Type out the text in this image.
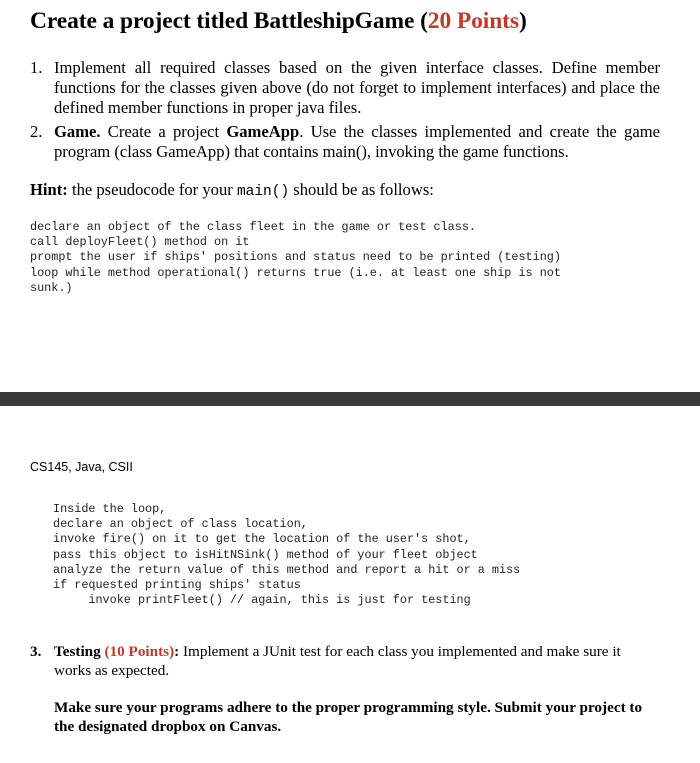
Create a project titled BattleshipGame (20 Points)
1. Implement all required classes based on the given interface classes. Define member functions for the classes given above (do not forget to implement interfaces) and place the defined member functions in proper java files.
2. Game. Create a project GameApp. Use the classes implemented and create the game program (class GameApp) that contains main(), invoking the game functions.

Hint: the pseudocode for your main() should be as follows:

declare an object of the class fleet in the game or test class.
call deployFleet() method on it
prompt the user if ships' positions and status need to be printed (testing)
loop while method operational() returns true (i.e. at least one ship is not
sunk.)

CS145, Java, CSII

Inside the loop,
declare an object of class location,
invoke fire() on it to get the location of the user's shot,
pass this object to isHitNSink() method of your fleet object
analyze the return value of this method and report a hit or a miss
if requested printing ships' status
invoke printFleet() // again, this is just for testing
3. Testing (10 Points): Implement a JUnit test for each class you implemented and make sure it works as expected.

Make sure your programs adhere to the proper programming style. Submit your project to the designated dropbox on Canvas.
